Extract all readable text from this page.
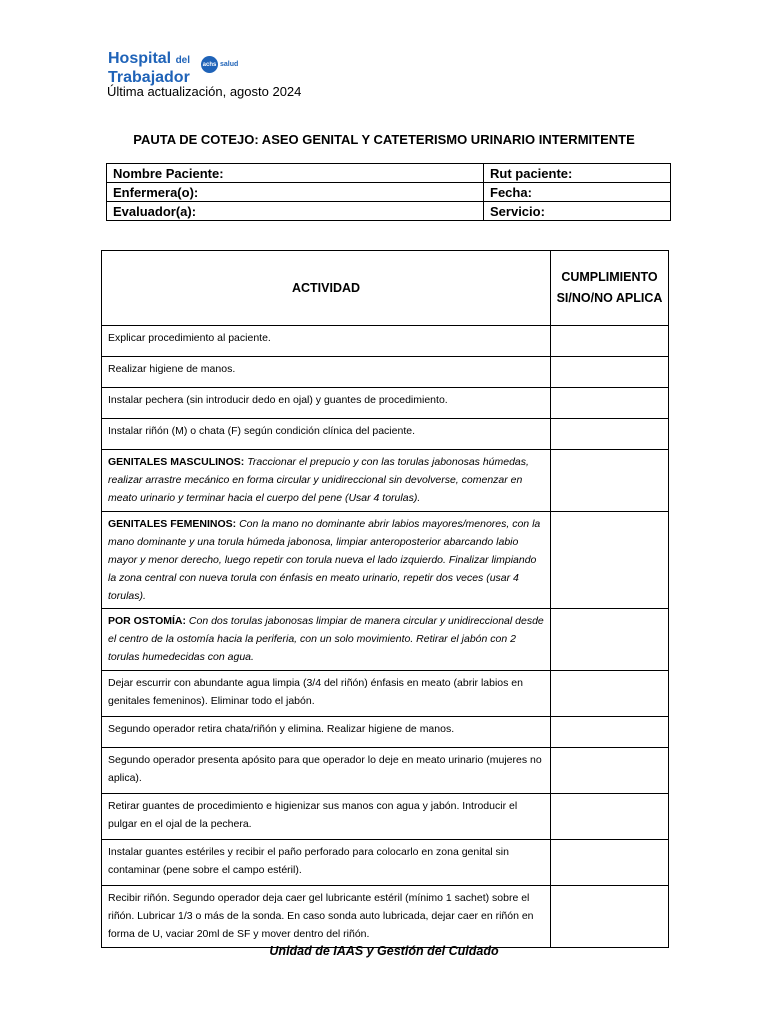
Hospital del
Trabajador
achs salud
Última actualización, agosto 2024
PAUTA DE COTEJO: ASEO GENITAL Y CATETERISMO URINARIO INTERMITENTE
Nombre Paciente:	Rut paciente:
Enfermera(o):	Fecha:
Evaluador(a):	Servicio:
ACTIVIDAD	CUMPLIMIENTO SI/NO/NO APLICA
Explicar procedimiento al paciente.	
Realizar higiene de manos.	
Instalar pechera (sin introducir dedo en ojal) y guantes de procedimiento.	
Instalar riñón (M) o chata (F) según condición clínica del paciente.	
GENITALES MASCULINOS: Traccionar el prepucio y con las torulas jabonosas húmedas, realizar arrastre mecánico en forma circular y unidireccional sin devolverse, comenzar en meato urinario y terminar hacia el cuerpo del pene (Usar 4 torulas).	
GENITALES FEMENINOS: Con la mano no dominante abrir labios mayores/menores, con la mano dominante y una torula húmeda jabonosa, limpiar anteroposterior abarcando labio mayor y menor derecho, luego repetir con torula nueva el lado izquierdo. Finalizar limpiando la zona central con nueva torula con énfasis en meato urinario, repetir dos veces (usar 4 torulas).	
POR OSTOMÍA: Con dos torulas jabonosas limpiar de manera circular y unidireccional desde el centro de la ostomía hacia la periferia, con un solo movimiento. Retirar el jabón con 2 torulas humedecidas con agua.	
Dejar escurrir con abundante agua limpia (3/4 del riñón) énfasis en meato (abrir labios en genitales femeninos). Eliminar todo el jabón.	
Segundo operador retira chata/riñón y elimina. Realizar higiene de manos.	
Segundo operador presenta apósito para que operador lo deje en meato urinario (mujeres no aplica).	
Retirar guantes de procedimiento e higienizar sus manos con agua y jabón. Introducir el pulgar en el ojal de la pechera.	
Instalar guantes estériles y recibir el paño perforado para colocarlo en zona genital sin contaminar (pene sobre el campo estéril).	
Recibir riñón. Segundo operador deja caer gel lubricante estéril (mínimo 1 sachet) sobre el riñón. Lubricar 1/3 o más de la sonda. En caso sonda auto lubricada, dejar caer en riñón en forma de U, vaciar 20ml de SF y mover dentro del riñón.	
Unidad de IAAS y Gestión del Cuidado
